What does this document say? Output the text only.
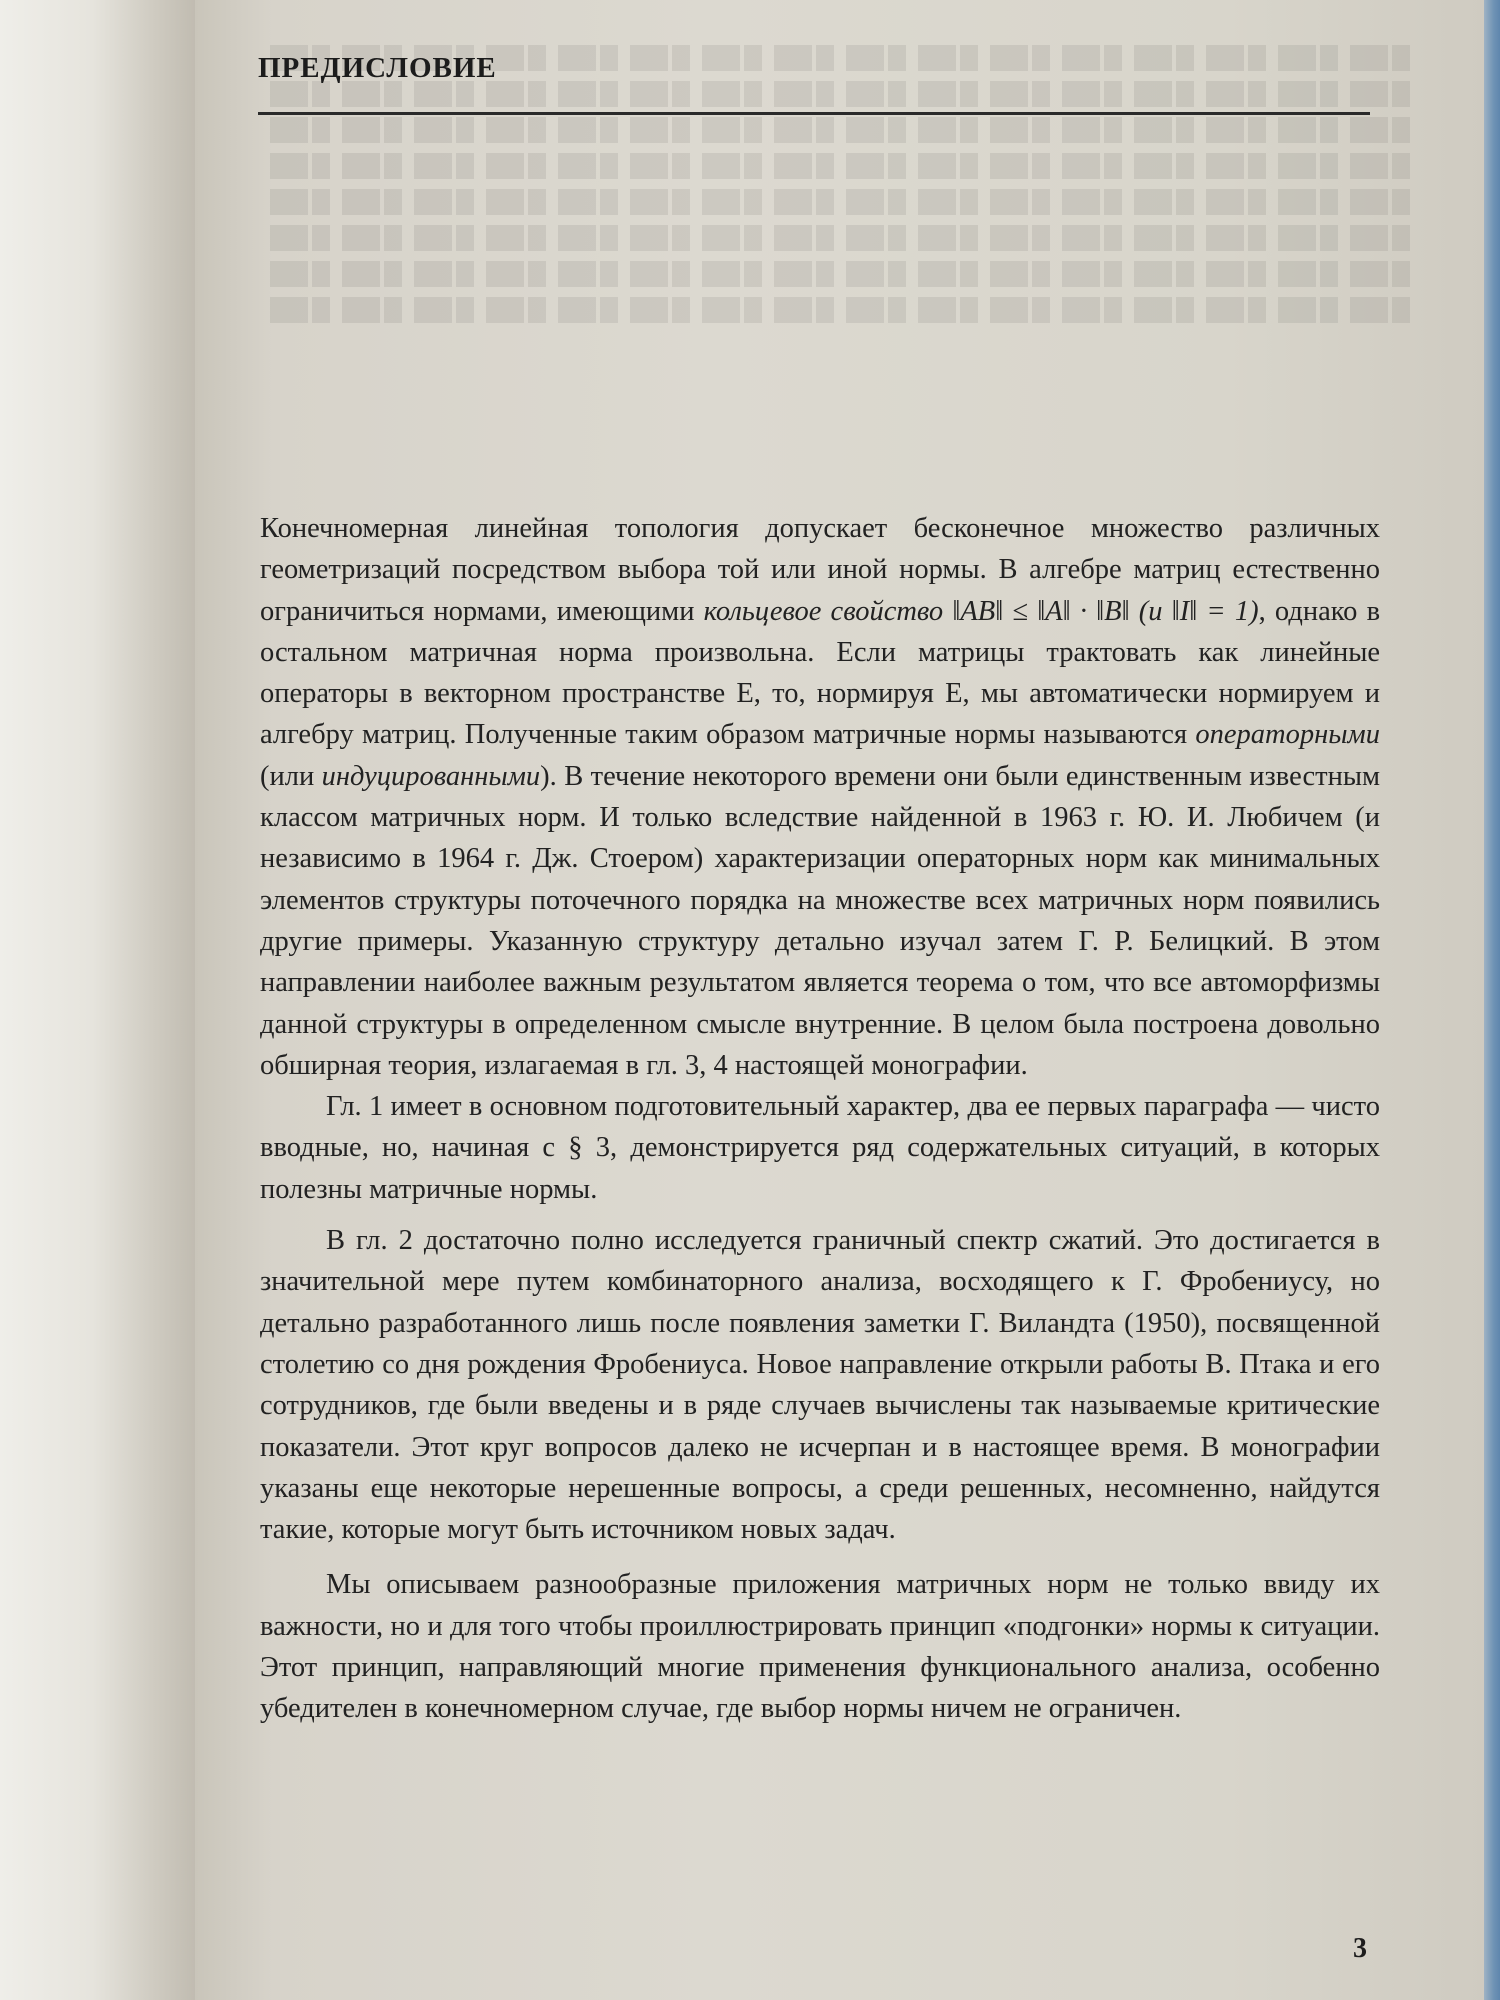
ПРЕДИСЛОВИЕ

Конечномерная линейная топология допускает бесконечное множество различных геометризаций посредством выбора той или иной нормы. В алгебре матриц естественно ограничиться нормами, имеющими кольцевое свойство ‖AB‖ ≤ ‖A‖ · ‖B‖ (и ‖I‖ = 1), однако в остальном матричная норма произвольна. Если матрицы трактовать как линейные операторы в векторном пространстве E, то, нормируя E, мы автоматически нормируем и алгебру матриц. Полученные таким образом матричные нормы называются операторными (или индуцированными). В течение некоторого времени они были единственным известным классом матричных норм. И только вследствие найденной в 1963 г. Ю. И. Любичем (и независимо в 1964 г. Дж. Стоером) характеризации операторных норм как минимальных элементов структуры поточечного порядка на множестве всех матричных норм появились другие примеры. Указанную структуру детально изучал затем Г. Р. Белицкий. В этом направлении наиболее важным результатом является теорема о том, что все автоморфизмы данной структуры в определенном смысле внутренние. В целом была построена довольно обширная теория, излагаемая в гл. 3, 4 настоящей монографии.

Гл. 1 имеет в основном подготовительный характер, два ее первых параграфа — чисто вводные, но, начиная с § 3, демонстрируется ряд содержательных ситуаций, в которых полезны матричные нормы.

В гл. 2 достаточно полно исследуется граничный спектр сжатий. Это достигается в значительной мере путем комбинаторного анализа, восходящего к Г. Фробениусу, но детально разработанного лишь после появления заметки Г. Виландта (1950), посвященной столетию со дня рождения Фробениуса. Новое направление открыли работы В. Птака и его сотрудников, где были введены и в ряде случаев вычислены так называемые критические показатели. Этот круг вопросов далеко не исчерпан и в настоящее время. В монографии указаны еще некоторые нерешенные вопросы, а среди решенных, несомненно, найдутся такие, которые могут быть источником новых задач.

Мы описываем разнообразные приложения матричных норм не только ввиду их важности, но и для того чтобы проиллюстрировать принцип «подгонки» нормы к ситуации. Этот принцип, направляющий многие применения функционального анализа, особенно убедителен в конечномерном случае, где выбор нормы ничем не ограничен.

3
